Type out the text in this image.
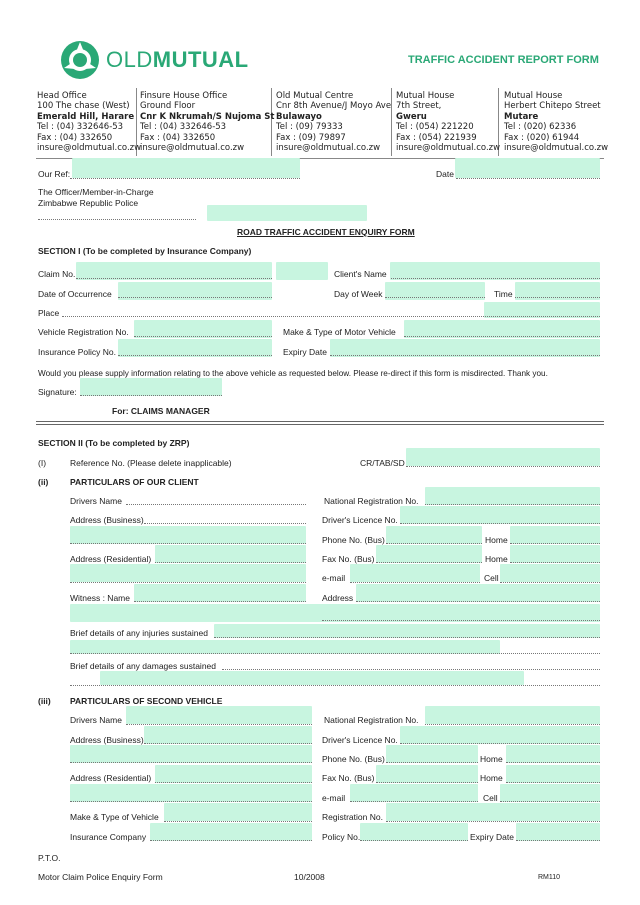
OLDMUTUAL	TRAFFIC ACCIDENT REPORT FORM
Head Office
100 The chase (West)
Emerald Hill, Harare
Tel : (04) 332646-53
Fax : (04) 332650
insure@oldmutual.co.zw
Finsure House Office
Ground Floor
Cnr K Nkrumah/S Nujoma St
Tel : (04) 332646-53
Fax : (04) 332650
insure@oldmutual.co.zw
Old Mutual Centre
Cnr 8th Avenue/J Moyo Ave
Bulawayo
Tel : (09) 79333
Fax : (09) 79897
insure@oldmutual.co.zw
Mutual House
7th Street,
Gweru
Tel : (054) 221220
Fax : (054) 221939
insure@oldmutual.co.zw
Mutual House
Herbert Chitepo Street
Mutare
Tel : (020) 62336
Fax : (020) 61944
insure@oldmutual.co.zw
Our Ref:	Date
The Officer/Member-in-Charge
Zimbabwe Republic Police
ROAD TRAFFIC ACCIDENT ENQUIRY FORM
SECTION I (To be completed by Insurance Company)
Claim No.	Client's Name
Date of Occurrence	Day of Week	Time
Place
Vehicle Registration No.	Make & Type of Motor Vehicle
Insurance Policy No.	Expiry Date
Would you please supply information relating to the above vehicle as requested below. Please re-direct if this form is misdirected. Thank you.
Signature:
For: CLAIMS MANAGER
SECTION II (To be completed by ZRP)
(I)	Reference No. (Please delete inapplicable)	CR/TAB/SD
(ii)	PARTICULARS OF OUR CLIENT
Drivers Name	National Registration No.
Address (Business)	Driver's Licence No.
Phone No. (Bus)	Home
Address (Residential)	Fax No. (Bus)	Home
e-mail	Cell
Witness : Name	Address
Brief details of any injuries sustained
Brief details of any damages sustained
(iii) PARTICULARS OF SECOND VEHICLE
Drivers Name	National Registration No.
Address (Business)	Driver's Licence No.
Phone No. (Bus)	Home
Address (Residential)	Fax No. (Bus)	Home
e-mail	Cell
Make & Type of Vehicle	Registration No.
Insurance Company	Policy No.	Expiry Date
P.T.O.
Motor Claim Police Enquiry Form	10/2008	RM110
